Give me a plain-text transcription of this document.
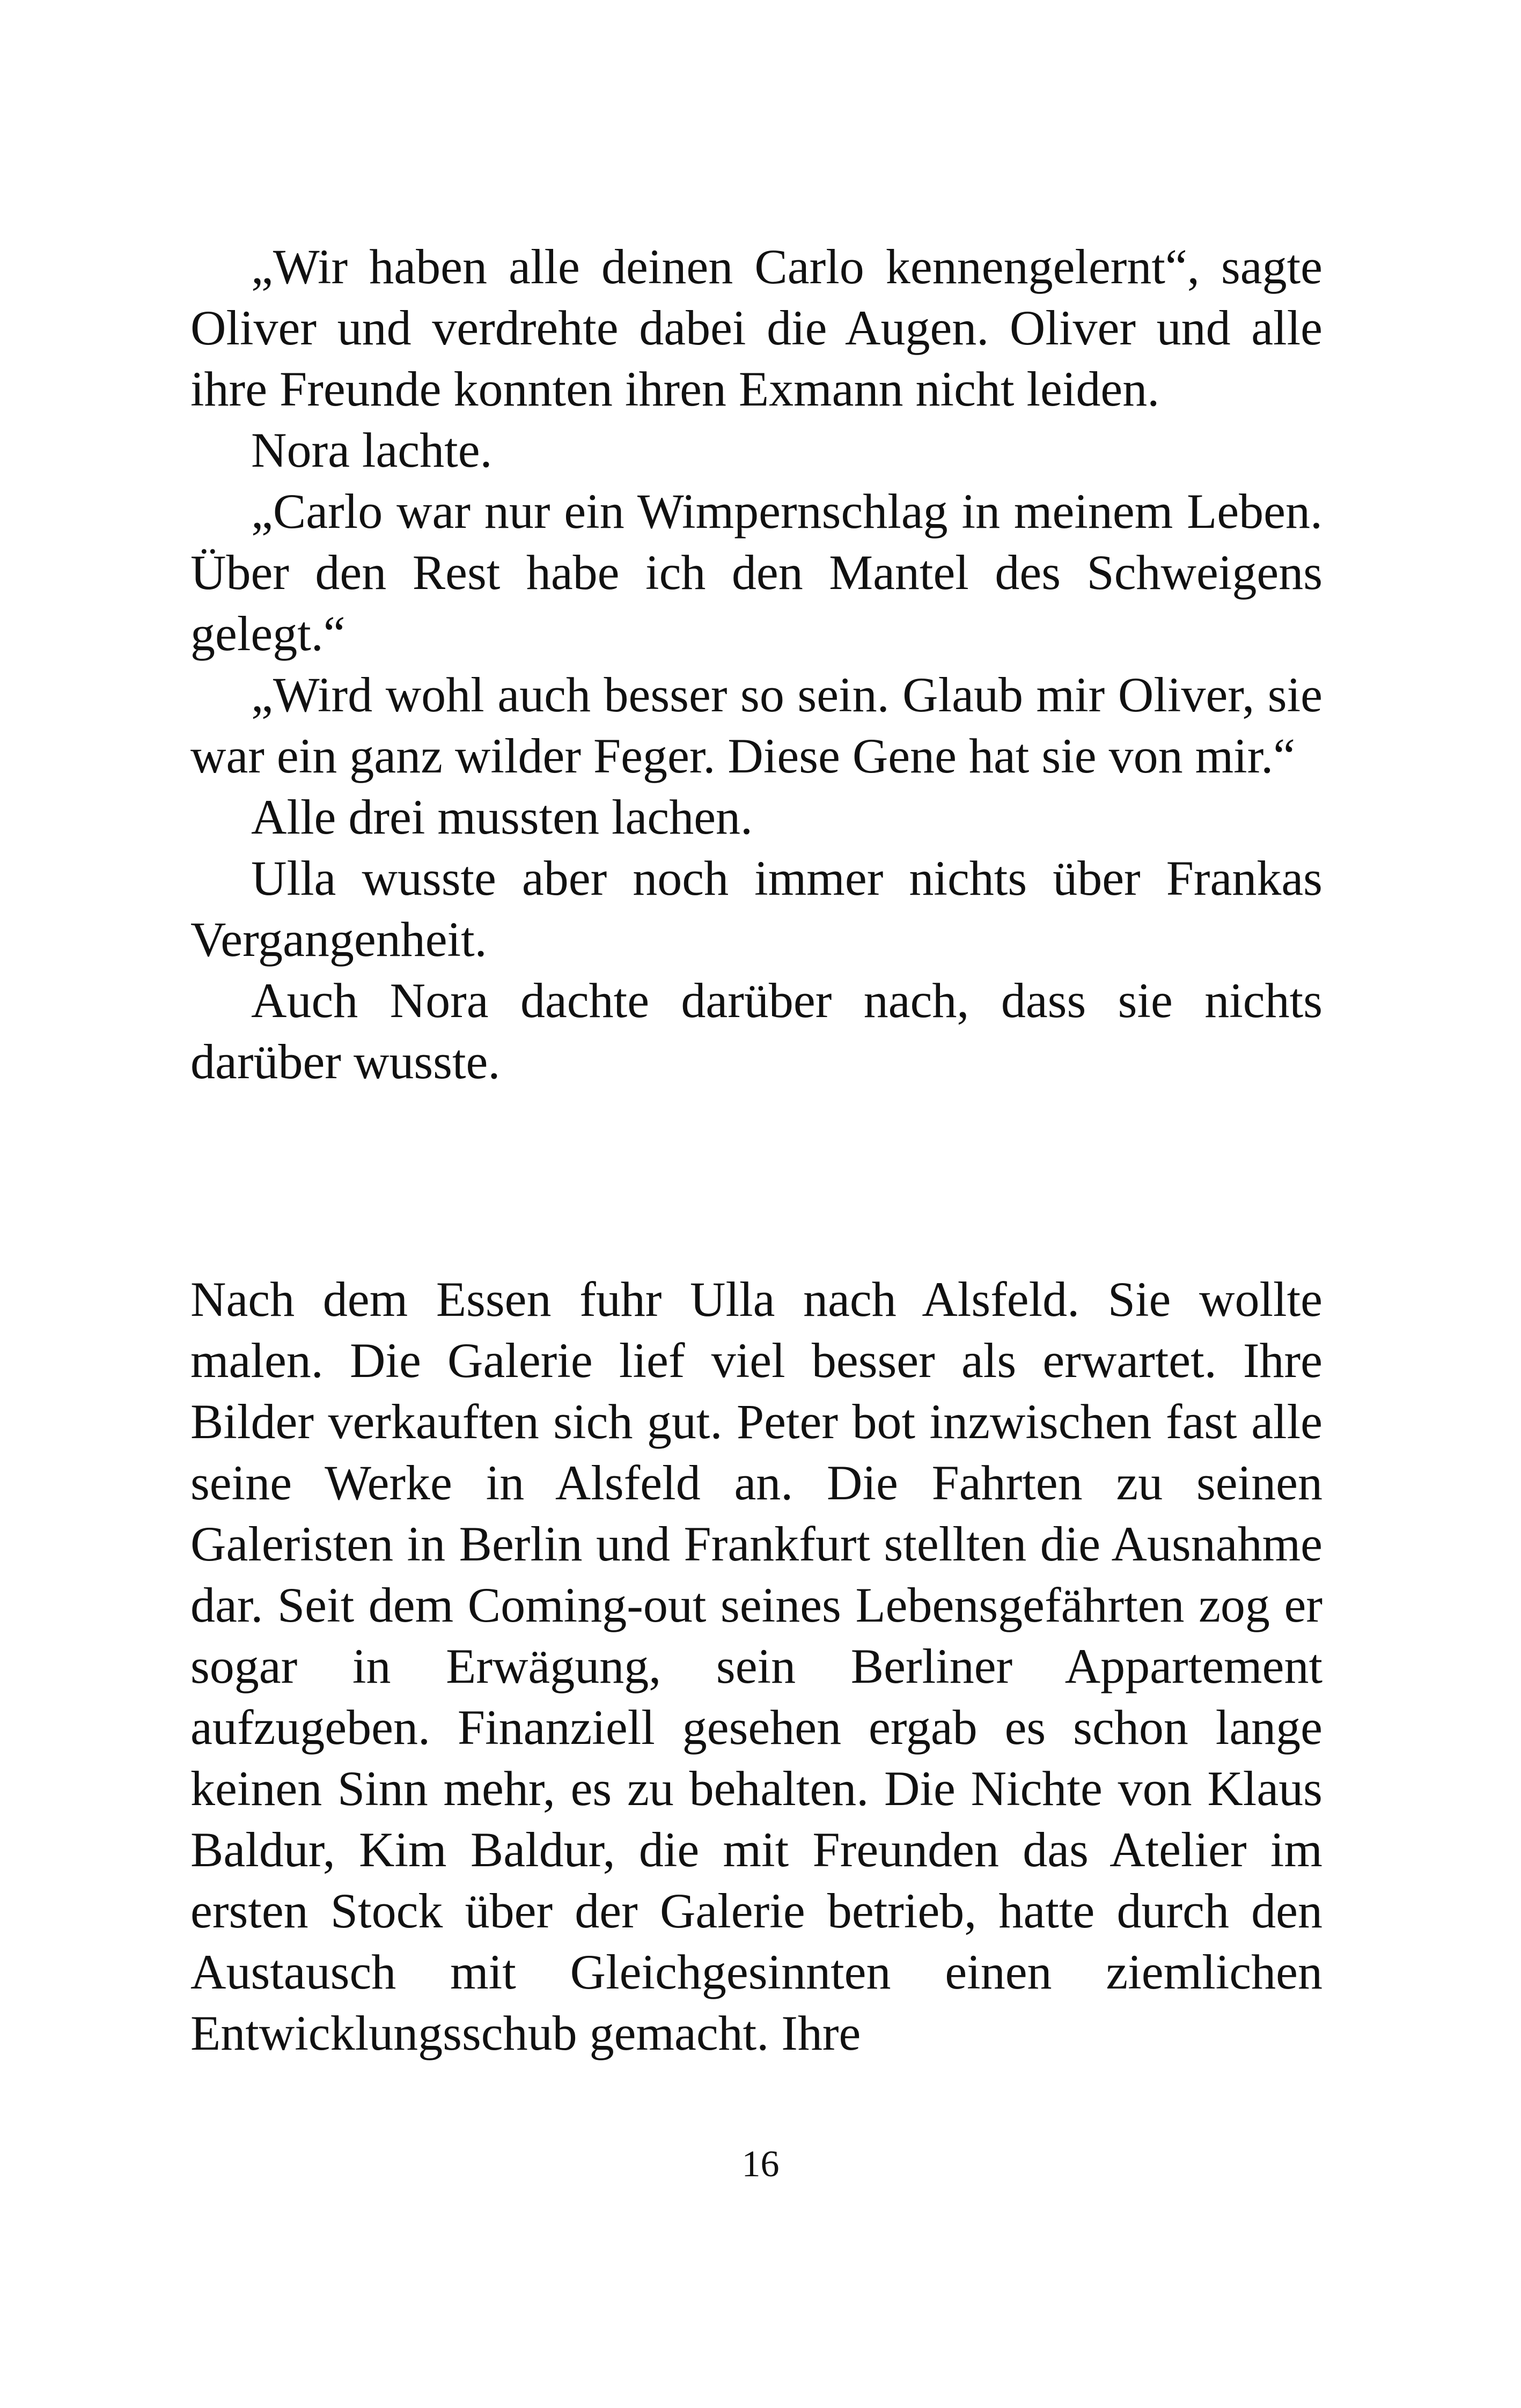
„Wir haben alle deinen Carlo kennengelernt“, sagte Oliver und verdrehte dabei die Augen. Oliver und alle ihre Freunde konnten ihren Exmann nicht leiden.

Nora lachte.

„Carlo war nur ein Wimpernschlag in meinem Leben. Über den Rest habe ich den Mantel des Schweigens gelegt.“

„Wird wohl auch besser so sein. Glaub mir Oliver, sie war ein ganz wilder Feger. Diese Gene hat sie von mir.“

Alle drei mussten lachen.

Ulla wusste aber noch immer nichts über Frankas Vergangenheit.

Auch Nora dachte darüber nach, dass sie nichts darüber wusste.

Nach dem Essen fuhr Ulla nach Alsfeld. Sie wollte malen. Die Galerie lief viel besser als erwartet. Ihre Bilder verkauften sich gut. Peter bot inzwischen fast alle seine Werke in Alsfeld an. Die Fahrten zu seinen Galeristen in Berlin und Frankfurt stellten die Ausnahme dar. Seit dem Coming-out seines Lebensgefährten zog er sogar in Erwägung, sein Berliner Appartement aufzugeben. Finanziell gesehen ergab es schon lange keinen Sinn mehr, es zu behalten. Die Nichte von Klaus Baldur, Kim Baldur, die mit Freunden das Atelier im ersten Stock über der Galerie betrieb, hatte durch den Austausch mit Gleichgesinnten einen ziemlichen Entwicklungsschub gemacht. Ihre

16
